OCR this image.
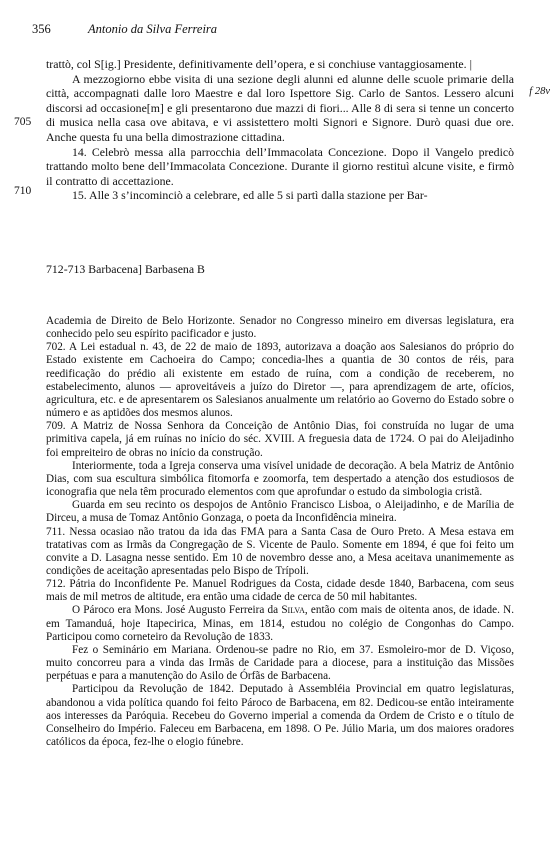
356	Antonio da Silva Ferreira

trattò, col S[ig.] Presidente, definitivamente dell’opera, e si conchiuse vantaggiosamente. |

A mezzogiorno ebbe visita di una sezione degli alunni ed alunne delle scuole primarie della città, accompagnati dalle loro Maestre e dal loro Ispettore Sig. Carlo de Santos. Lessero alcuni discorsi ad occasione[m] e gli presentarono due mazzi di fiori... Alle 8 di sera si tenne un concerto di musica nella casa ove abitava, e vi assistettero molti Signori e Signore. Durò quasi due ore. Anche questa fu una bella dimostrazione cittadina.

14. Celebrò messa alla parrocchia dell’Immacolata Concezione. Dopo il Vangelo predicò trattando molto bene dell’Immacolata Concezione. Durante il giorno restituì alcune visite, e firmò il contratto di accettazione.

15. Alle 3 s’incominciò a celebrare, ed alle 5 si partì dalla stazione per Bar-

705
710
f 28v
712-713 Barbacena] Barbasena B

Academia de Direito de Belo Horizonte. Senador no Congresso mineiro em diversas legislatura, era conhecido pelo seu espírito pacificador e justo.

702. A Lei estadual n. 43, de 22 de maio de 1893, autorizava a doação aos Salesianos do próprio do Estado existente em Cachoeira do Campo; concedia-lhes a quantia de 30 contos de réis, para reedificação do prédio ali existente em estado de ruína, com a condição de receberem, no estabelecimento, alunos — aproveitáveis a juízo do Diretor —, para aprendizagem de arte, ofícios, agricultura, etc. e de apresentarem os Salesianos anualmente um relatório ao Governo do Estado sobre o número e as aptidões dos mesmos alunos.

709. A Matriz de Nossa Senhora da Conceição de Antônio Dias, foi construída no lugar de uma primitiva capela, já em ruínas no início do séc. XVIII. A freguesia data de 1724. O pai do Aleijadinho foi empreiteiro de obras no início da construção.

Interiormente, toda a Igreja conserva uma visível unidade de decoração. A bela Matriz de Antônio Dias, com sua escultura simbólica fitomorfa e zoomorfa, tem despertado a atenção dos estudiosos de iconografia que nela têm procurado elementos com que aprofundar o estudo da simbologia cristã.

Guarda em seu recinto os despojos de Antônio Francisco Lisboa, o Aleijadinho, e de Marília de Dirceu, a musa de Tomaz Antônio Gonzaga, o poeta da Inconfidência mineira.

711. Nessa ocasiao não tratou da ida das FMA para a Santa Casa de Ouro Preto. A Mesa estava em tratativas com as Irmãs da Congregação de S. Vicente de Paulo. Somente em 1894, é que foi feito um convite a D. Lasagna nesse sentido. Em 10 de novembro desse ano, a Mesa aceitava unanimemente as condições de aceitação apresentadas pelo Bispo de Trípoli.

712. Pátria do Inconfidente Pe. Manuel Rodrigues da Costa, cidade desde 1840, Barbacena, com seus mais de mil metros de altitude, era então uma cidade de cerca de 50 mil habitantes.

O Pároco era Mons. José Augusto Ferreira da Silva, então com mais de oitenta anos, de idade. N. em Tamanduá, hoje Itapecirica, Minas, em 1814, estudou no colégio de Congonhas do Campo. Participou como corneteiro da Revolução de 1833.

Fez o Seminário em Mariana. Ordenou-se padre no Rio, em 37. Esmoleiro-mor de D. Viçoso, muito concorreu para a vinda das Irmãs de Caridade para a diocese, para a instituição das Missões perpétuas e para a manutenção do Asilo de Órfãs de Barbacena.

Participou da Revolução de 1842. Deputado à Assembléia Provincial em quatro legislaturas, abandonou a vida política quando foi feito Pároco de Barbacena, em 82. Dedicou-se então inteiramente aos interesses da Paróquia. Recebeu do Governo imperial a comenda da Ordem de Cristo e o título de Conselheiro do Império. Faleceu em Barbacena, em 1898. O Pe. Júlio Maria, um dos maiores oradores católicos da época, fez-lhe o elogio fúnebre.
